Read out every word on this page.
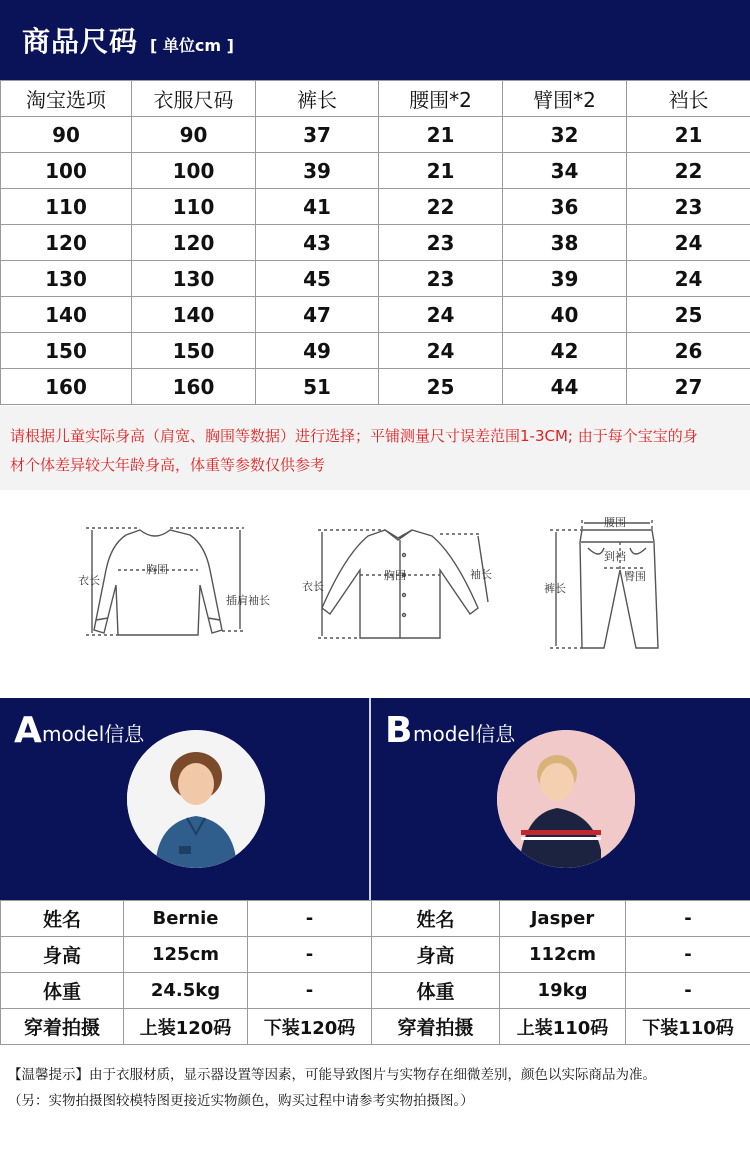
商品尺码 [ 单位cm ]
淘宝选项	衣服尺码	裤长	腰围*2	臂围*2	裆长
90	90	37	21	32	21
100	100	39	21	34	22
110	110	41	22	36	23
120	120	43	23	38	24
130	130	45	23	39	24
140	140	47	24	40	25
150	150	49	24	42	26
160	160	51	25	44	27

请根据儿童实际身高（肩宽、胸围等数据）进行选择；平铺测量尺寸误差范围1-3CM; 由于每个宝宝的身

材个体差异较大年龄身高，体重等参数仅供参考

衣长
胸围
插肩袖长
衣长
胸围	袖长
腰围
裤长
到裆
臀围
A model信息	B model信息
姓名	Bernie	-	姓名	Jasper	-
身高	125cm	-	身高	112cm	-
体重	24.5kg	-	体重	19kg	-
穿着拍摄	上装120码	下装120码	穿着拍摄	上装110码	下装110码

【温馨提示】由于衣服材质，显示器设置等因素，可能导致图片与实物存在细微差别，颜色以实际商品为准。

（另：实物拍摄图较模特图更接近实物颜色，购买过程中请参考实物拍摄图。）
